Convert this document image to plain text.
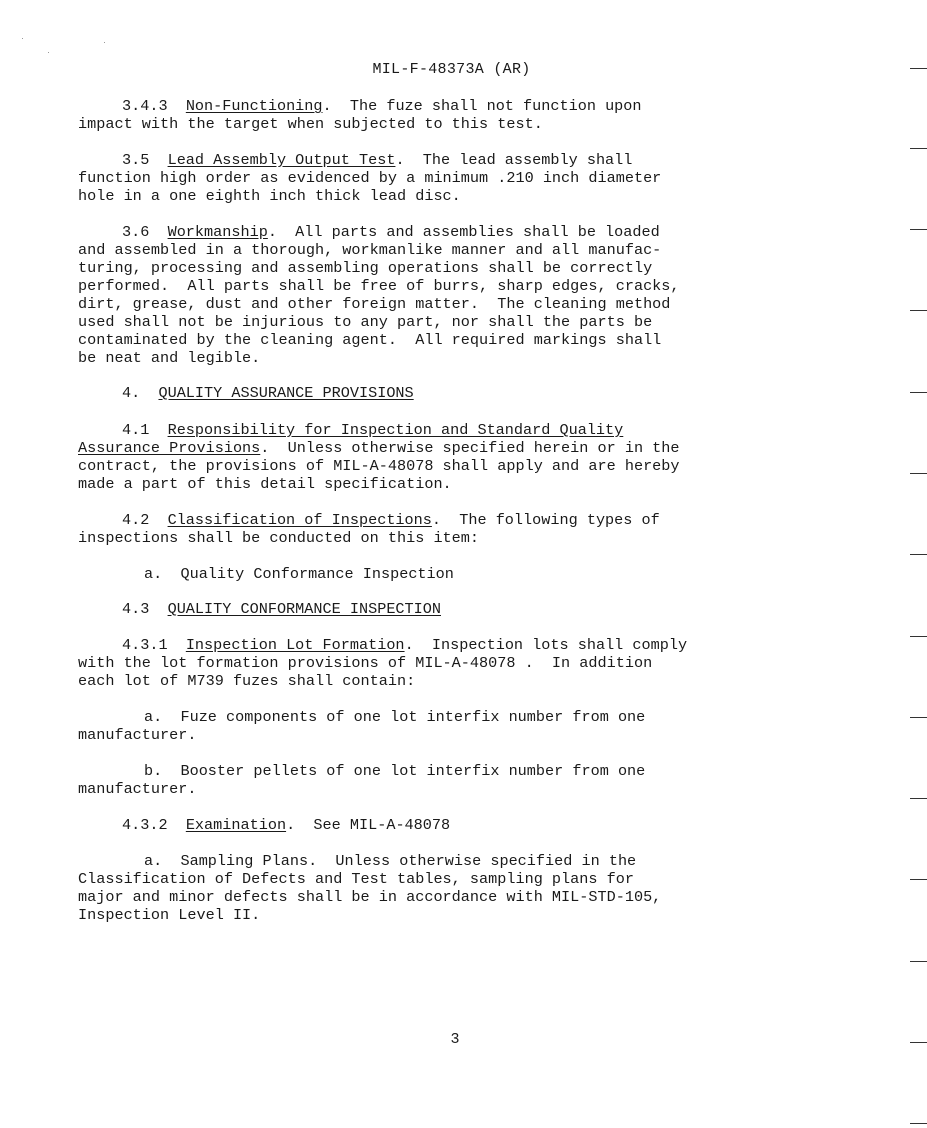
MIL-F-48373A (AR)

3.4.3 Non-Functioning.  The fuze shall not function upon
impact with the target when subjected to this test.

3.5 Lead Assembly Output Test.  The lead assembly shall
function high order as evidenced by a minimum .210 inch diameter
hole in a one eighth inch thick lead disc.

3.6 Workmanship.  All parts and assemblies shall be loaded
and assembled in a thorough, workmanlike manner and all manufac-
turing, processing and assembling operations shall be correctly
performed.  All parts shall be free of burrs, sharp edges, cracks,
dirt, grease, dust and other foreign matter.  The cleaning method
used shall not be injurious to any part, nor shall the parts be
contaminated by the cleaning agent.  All required markings shall
be neat and legible.

4. QUALITY ASSURANCE PROVISIONS

4.1 Responsibility for Inspection and Standard Quality
Assurance Provisions.  Unless otherwise specified herein or in the
contract, the provisions of MIL-A-48078 shall apply and are hereby
made a part of this detail specification.

4.2 Classification of Inspections.  The following types of
inspections shall be conducted on this item:

a. Quality Conformance Inspection

4.3 QUALITY CONFORMANCE INSPECTION

4.3.1 Inspection Lot Formation.  Inspection lots shall comply
with the lot formation provisions of MIL-A-48078 .  In addition
each lot of M739 fuzes shall contain:

a. Fuze components of one lot interfix number from one
manufacturer.

b. Booster pellets of one lot interfix number from one
manufacturer.

4.3.2 Examination.  See MIL-A-48078

a. Sampling Plans.  Unless otherwise specified in the
Classification of Defects and Test tables, sampling plans for
major and minor defects shall be in accordance with MIL-STD-105,
Inspection Level II.

3
